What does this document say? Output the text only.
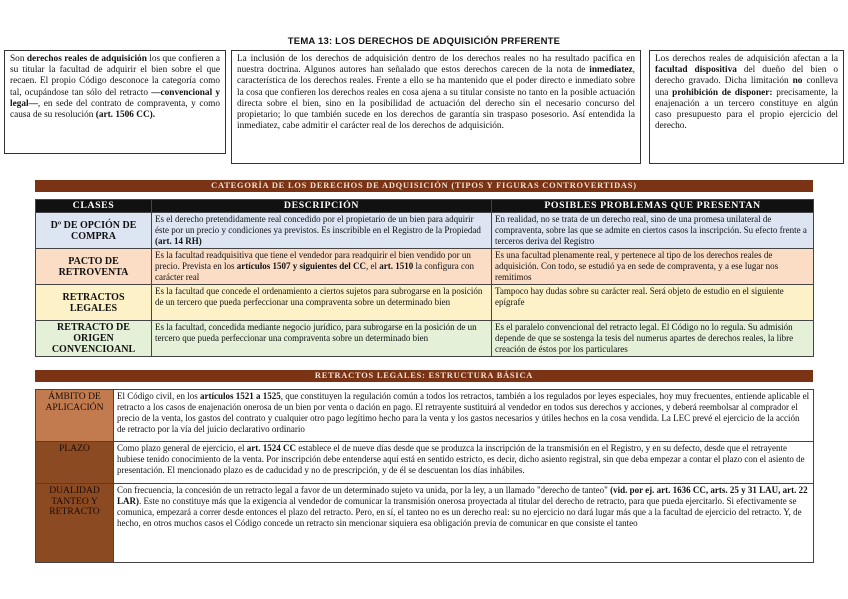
TEMA 13: LOS DERECHOS DE ADQUISICIÓN PRFERENTE
Son derechos reales de adquisición los que confieren a su titular la facultad de adquirir el bien sobre el que recaen. El propio Código desconoce la categoría como tal, ocupándose tan sólo del retracto —convencional y legal—, en sede del contrato de compraventa, y como causa de su resolución (art. 1506 CC).
La inclusión de los derechos de adquisición dentro de los derechos reales no ha resultado pacífica en nuestra doctrina. Algunos autores han señalado que estos derechos carecen de la nota de inmediatez, característica de los derechos reales. Frente a ello se ha mantenido que el poder directo e inmediato sobre la cosa que confieren los derechos reales en cosa ajena a su titular consiste no tanto en la posible actuación directa sobre el bien, sino en la posibilidad de actuación del derecho sin el necesario concurso del propietario; lo que también sucede en los derechos de garantía sin traspaso posesorio. Así entendida la inmediatez, cabe admitir el carácter real de los derechos de adquisición.
Los derechos reales de adquisición afectan a la facultad dispositiva del dueño del bien o derecho gravado. Dicha limitación no conlleva una prohibición de disponer: precisamente, la enajenación a un tercero constituye en algún caso presupuesto para el propio ejercicio del derecho.
CATEGORÍA DE LOS DERECHOS DE ADQUISICIÓN (TIPOS Y FIGURAS CONTROVERTIDAS)
CLASES	DESCRIPCIÓN	POSIBLES PROBLEMAS QUE PRESENTAN
Dº DE OPCIÓN DE COMPRA	Es el derecho pretendidamente real concedido por el propietario de un bien para adquirir éste por un precio y condiciones ya previstos. Es inscribible en el Registro de la Propiedad (art. 14 RH)	En realidad, no se trata de un derecho real, sino de una promesa unilateral de compraventa, sobre las que se admite en ciertos casos la inscripción. Su efecto frente a terceros deriva del Registro
PACTO DE RETROVENTA	Es la facultad readquisitiva que tiene el vendedor para readquirir el bien vendido por un precio. Prevista en los artículos 1507 y siguientes del CC, el art. 1510 la configura con carácter real	Es una facultad plenamente real, y pertenece al tipo de los derechos reales de adquisición. Con todo, se estudió ya en sede de compraventa, y a ese lugar nos remitimos
RETRACTOS LEGALES	Es la facultad que concede el ordenamiento a ciertos sujetos para subrogarse en la posición de un tercero que pueda perfeccionar una compraventa sobre un determinado bien	Tampoco hay dudas sobre su carácter real. Será objeto de estudio en el siguiente epígrafe
RETRACTO DE ORIGEN CONVENCIOANL	Es la facultad, concedida mediante negocio jurídico, para subrogarse en la posición de un tercero que pueda perfeccionar una compraventa sobre un determinado bien	Es el paralelo convencional del retracto legal. El Código no lo regula. Su admisión depende de que se sostenga la tesis del numerus apartes de derechos reales, la libre creación de éstos por los particulares
RETRACTOS LEGALES: ESTRUCTURA BÁSICA
ÁMBITO DE APLICACIÓN	El Código civil, en los artículos 1521 a 1525, que constituyen la regulación común a todos los retractos, también a los regulados por leyes especiales, hoy muy frecuentes, entiende aplicable el retracto a los casos de enajenación onerosa de un bien por venta o dación en pago. El retrayente sustituirá al vendedor en todos sus derechos y acciones, y deberá reembolsar al comprador el precio de la venta, los gastos del contrato y cualquier otro pago legítimo hecho para la venta y los gastos necesarios y útiles hechos en la cosa vendida. La LEC prevé el ejercicio de la acción de retracto por la vía del juicio declarativo ordinario
PLAZO	Como plazo general de ejercicio, el art. 1524 CC establece el de nueve días desde que se produzca la inscripción de la transmisión en el Registro, y en su defecto, desde que el retrayente hubiese tenido conocimiento de la venta. Por inscripción debe entenderse aquí está en sentido estricto, es decir, dicho asiento registral, sin que deba empezar a contar el plazo con el asiento de presentación. El mencionado plazo es de caducidad y no de prescripción, y de él se descuentan los días inhábiles.
DUALIDAD TANTEO Y RETRACTO	Con frecuencia, la concesión de un retracto legal a favor de un determinado sujeto va unida, por la ley, a un llamado "derecho de tanteo" (vid. por ej. art. 1636 CC, arts. 25 y 31 LAU, art. 22 LAR). Este no constituye más que la exigencia al vendedor de comunicar la transmisión onerosa proyectada al titular del derecho de retracto, para que pueda ejercitarlo. Si efectivamente se comunica, empezará a correr desde entonces el plazo del retracto. Pero, en sí, el tanteo no es un derecho real: su no ejercicio no dará lugar más que a la facultad de ejercicio del retracto. Y, de hecho, en otros muchos casos el Código concede un retracto sin mencionar siquiera esa obligación previa de comunicar en que consiste el tanteo
